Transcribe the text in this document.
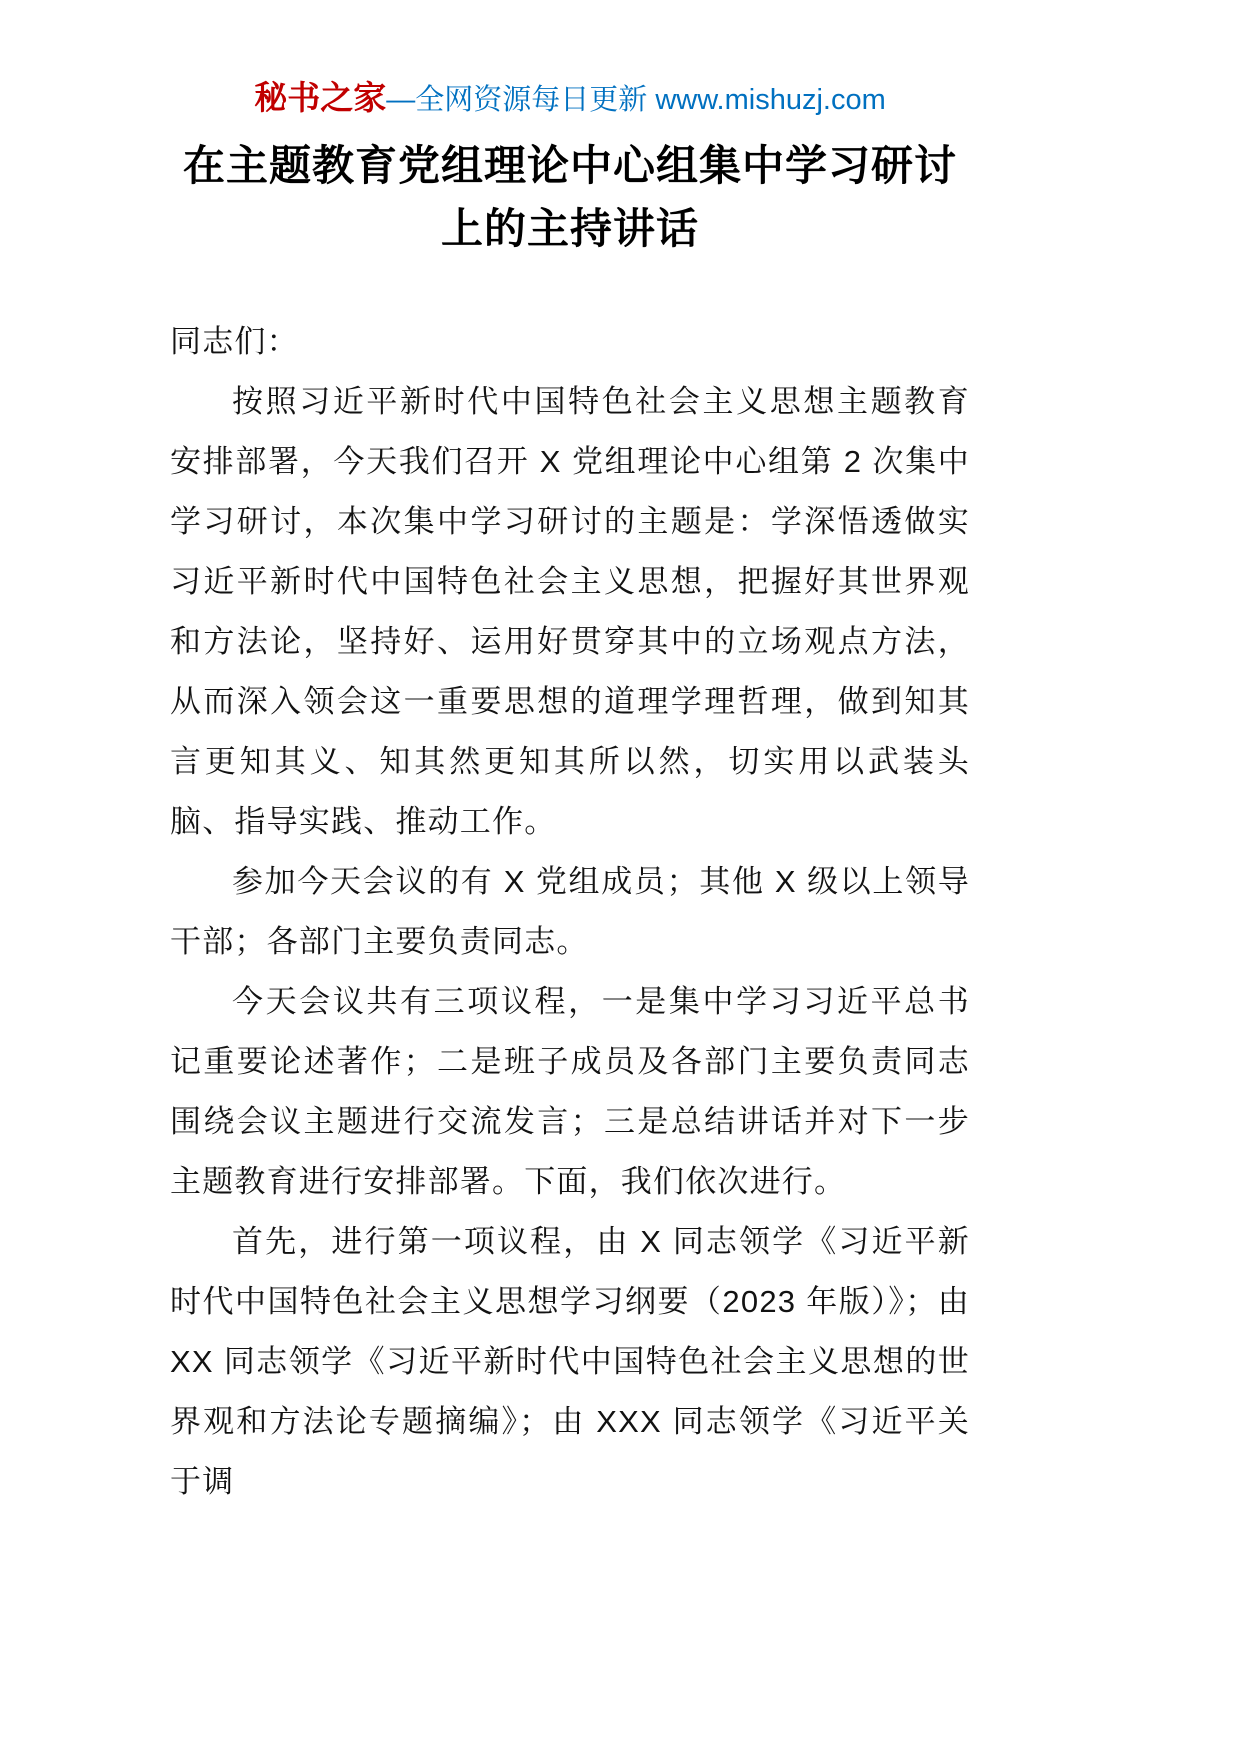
秘书之家—全网资源每日更新 www.mishuzj.com
在主题教育党组理论中心组集中学习研讨上的主持讲话

同志们：

按照习近平新时代中国特色社会主义思想主题教育安排部署，今天我们召开 X 党组理论中心组第 2 次集中学习研讨，本次集中学习研讨的主题是：学深悟透做实习近平新时代中国特色社会主义思想，把握好其世界观和方法论，坚持好、运用好贯穿其中的立场观点方法，从而深入领会这一重要思想的道理学理哲理，做到知其言更知其义、知其然更知其所以然，切实用以武装头脑、指导实践、推动工作。

参加今天会议的有 X 党组成员；其他 X 级以上领导干部；各部门主要负责同志。

今天会议共有三项议程，一是集中学习习近平总书记重要论述著作；二是班子成员及各部门主要负责同志围绕会议主题进行交流发言；三是总结讲话并对下一步主题教育进行安排部署。下面，我们依次进行。

首先，进行第一项议程，由 X 同志领学《习近平新时代中国特色社会主义思想学习纲要（2023 年版）》；由 XX 同志领学《习近平新时代中国特色社会主义思想的世界观和方法论专题摘编》；由 XXX 同志领学《习近平关于调
